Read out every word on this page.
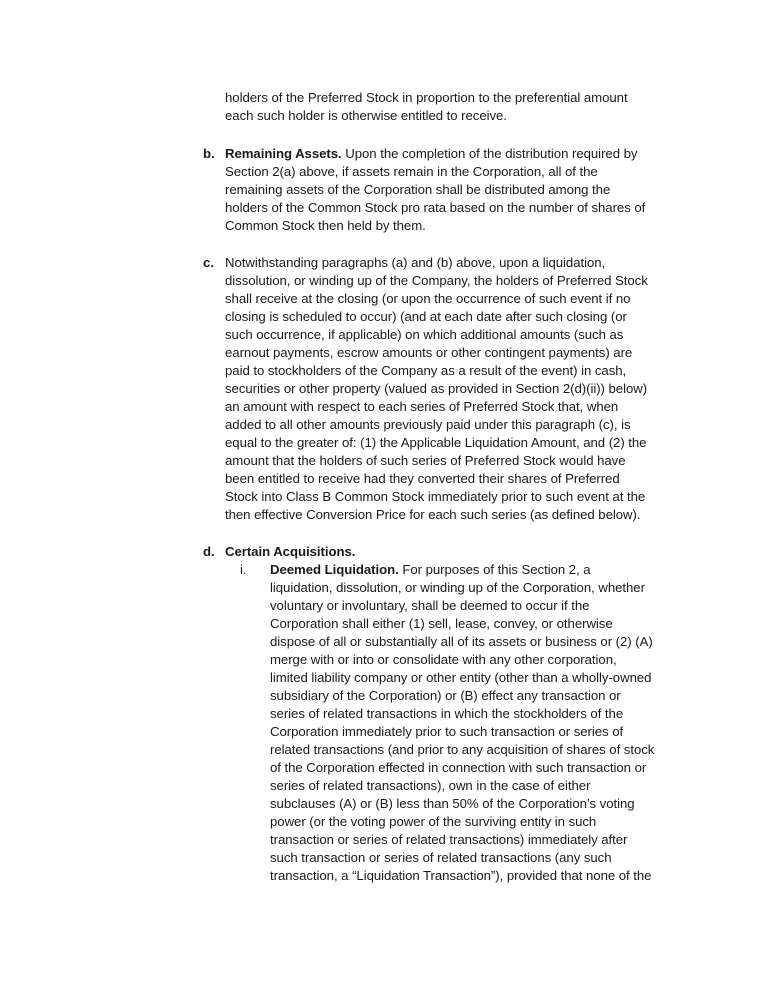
holders of the Preferred Stock in proportion to the preferential amount
each such holder is otherwise entitled to receive.
b. Remaining Assets. Upon the completion of the distribution required by
Section 2(a) above, if assets remain in the Corporation, all of the
remaining assets of the Corporation shall be distributed among the
holders of the Common Stock pro rata based on the number of shares of
Common Stock then held by them.
c. Notwithstanding paragraphs (a) and (b) above, upon a liquidation,
dissolution, or winding up of the Company, the holders of Preferred Stock
shall receive at the closing (or upon the occurrence of such event if no
closing is scheduled to occur) (and at each date after such closing (or
such occurrence, if applicable) on which additional amounts (such as
earnout payments, escrow amounts or other contingent payments) are
paid to stockholders of the Company as a result of the event) in cash,
securities or other property (valued as provided in Section 2(d)(ii)) below)
an amount with respect to each series of Preferred Stock that, when
added to all other amounts previously paid under this paragraph (c), is
equal to the greater of: (1) the Applicable Liquidation Amount, and (2) the
amount that the holders of such series of Preferred Stock would have
been entitled to receive had they converted their shares of Preferred
Stock into Class B Common Stock immediately prior to such event at the
then effective Conversion Price for each such series (as defined below).
d. Certain Acquisitions.
i. Deemed Liquidation. For purposes of this Section 2, a
liquidation, dissolution, or winding up of the Corporation, whether
voluntary or involuntary, shall be deemed to occur if the
Corporation shall either (1) sell, lease, convey, or otherwise
dispose of all or substantially all of its assets or business or (2) (A)
merge with or into or consolidate with any other corporation,
limited liability company or other entity (other than a wholly-owned
subsidiary of the Corporation) or (B) effect any transaction or
series of related transactions in which the stockholders of the
Corporation immediately prior to such transaction or series of
related transactions (and prior to any acquisition of shares of stock
of the Corporation effected in connection with such transaction or
series of related transactions), own in the case of either
subclauses (A) or (B) less than 50% of the Corporation’s voting
power (or the voting power of the surviving entity in such
transaction or series of related transactions) immediately after
such transaction or series of related transactions (any such
transaction, a “Liquidation Transaction”), provided that none of the
